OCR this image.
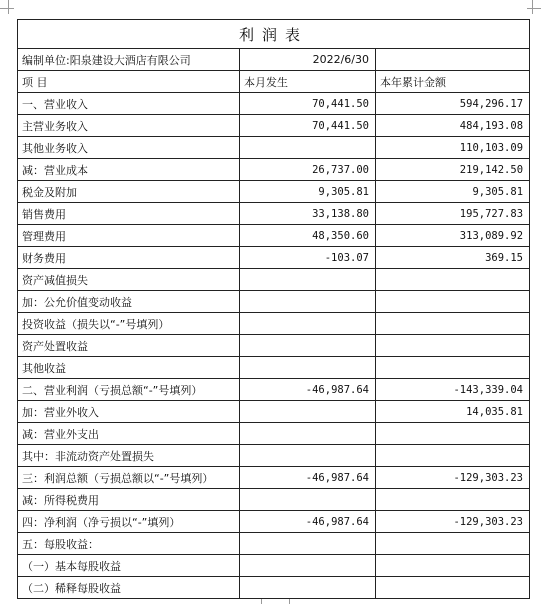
利润表		
编制单位:阳泉建设大酒店有限公司	2022/6/30	
项 目	本月发生	本年累计金额
一、营业收入	70,441.50	594,296.17
主营业务收入	70,441.50	484,193.08
其他业务收入		110,103.09
减：营业成本	26,737.00	219,142.50
税金及附加	9,305.81	9,305.81
销售费用	33,138.80	195,727.83
管理费用	48,350.60	313,089.92
财务费用	-103.07	369.15
资产减值损失		
加：公允价值变动收益		
投资收益（损失以“-”号填列）		
资产处置收益		
其他收益		
二、营业利润（亏损总额“-”号填列）	-46,987.64	-143,339.04
加：营业外收入		14,035.81
减：营业外支出		
其中：非流动资产处置损失		
三：利润总额（亏损总额以“-”号填列）	-46,987.64	-129,303.23
减：所得税费用		
四：净利润（净亏损以“-”填列）	-46,987.64	-129,303.23
五：每股收益：		
（一）基本每股收益		
（二）稀释每股收益		
